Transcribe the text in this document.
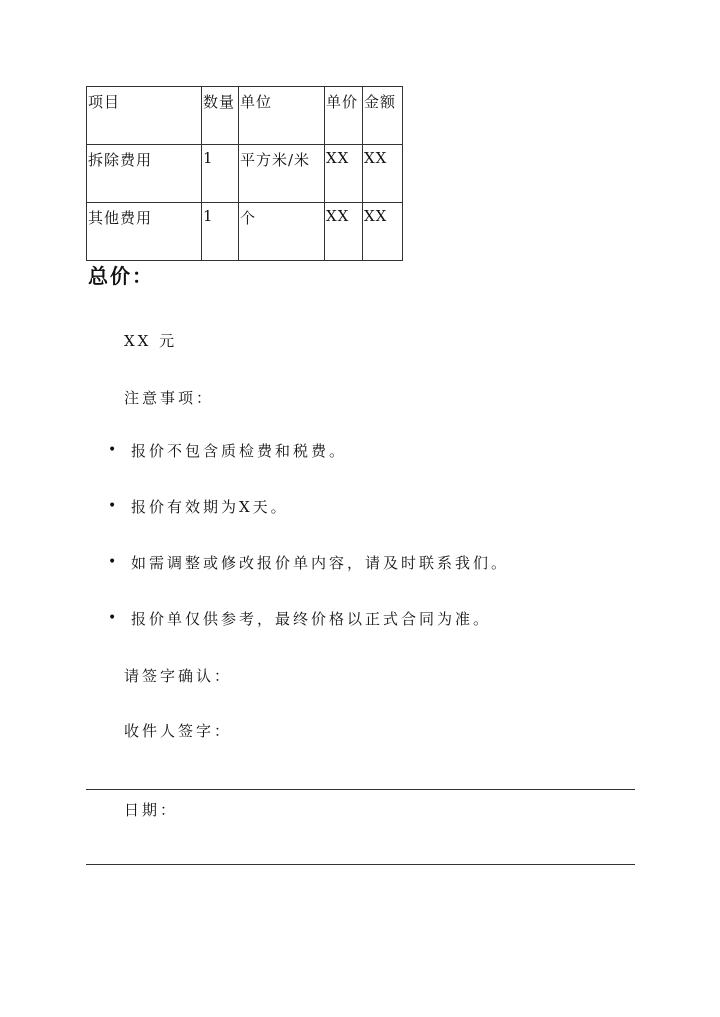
项目	数量	单位	单价	金额
拆除费用	1	平方米/米	XX	XX
其他费用	1	个	XX	XX
总价：

XX 元

注意事项：

• 报价不包含质检费和税费。
• 报价有效期为X天。
• 如需调整或修改报价单内容，请及时联系我们。
• 报价单仅供参考，最终价格以正式合同为准。

请签字确认：

收件人签字：

日期：
